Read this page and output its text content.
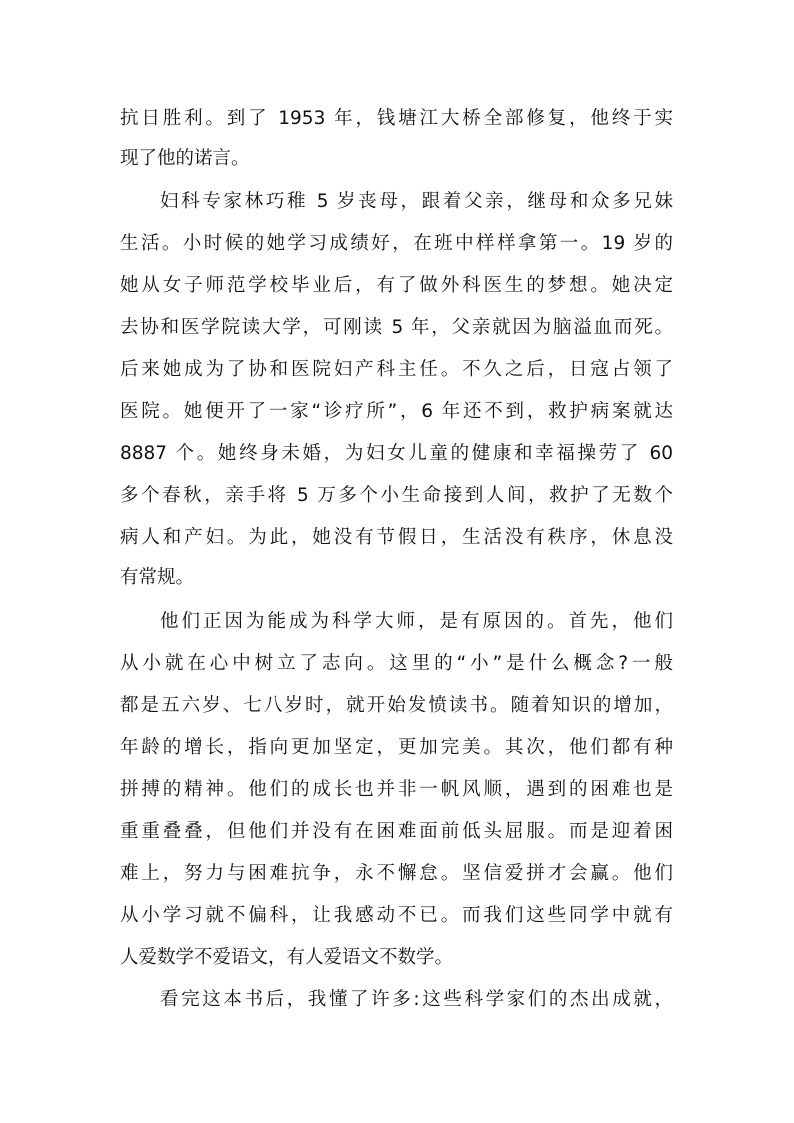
抗日胜利。到了 1953 年，钱塘江大桥全部修复，他终于实
现了他的诺言。
妇科专家林巧稚 5 岁丧母，跟着父亲，继母和众多兄妹
生活。小时候的她学习成绩好，在班中样样拿第一。19 岁的
她从女子师范学校毕业后，有了做外科医生的梦想。她决定
去协和医学院读大学，可刚读 5 年，父亲就因为脑溢血而死。
后来她成为了协和医院妇产科主任。不久之后，日寇占领了
医院。她便开了一家“诊疗所”，6 年还不到，救护病案就达
8887 个。她终身未婚，为妇女儿童的健康和幸福操劳了 60
多个春秋，亲手将 5 万多个小生命接到人间，救护了无数个
病人和产妇。为此，她没有节假日，生活没有秩序，休息没
有常规。
他们正因为能成为科学大师，是有原因的。首先，他们
从小就在心中树立了志向。这里的“小”是什么概念?一般
都是五六岁、七八岁时，就开始发愤读书。随着知识的增加，
年龄的增长，指向更加坚定，更加完美。其次，他们都有种
拼搏的精神。他们的成长也并非一帆风顺，遇到的困难也是
重重叠叠，但他们并没有在困难面前低头屈服。而是迎着困
难上，努力与困难抗争，永不懈怠。坚信爱拼才会赢。他们
从小学习就不偏科，让我感动不已。而我们这些同学中就有
人爱数学不爱语文，有人爱语文不数学。
看完这本书后，我懂了许多:这些科学家们的杰出成就，
